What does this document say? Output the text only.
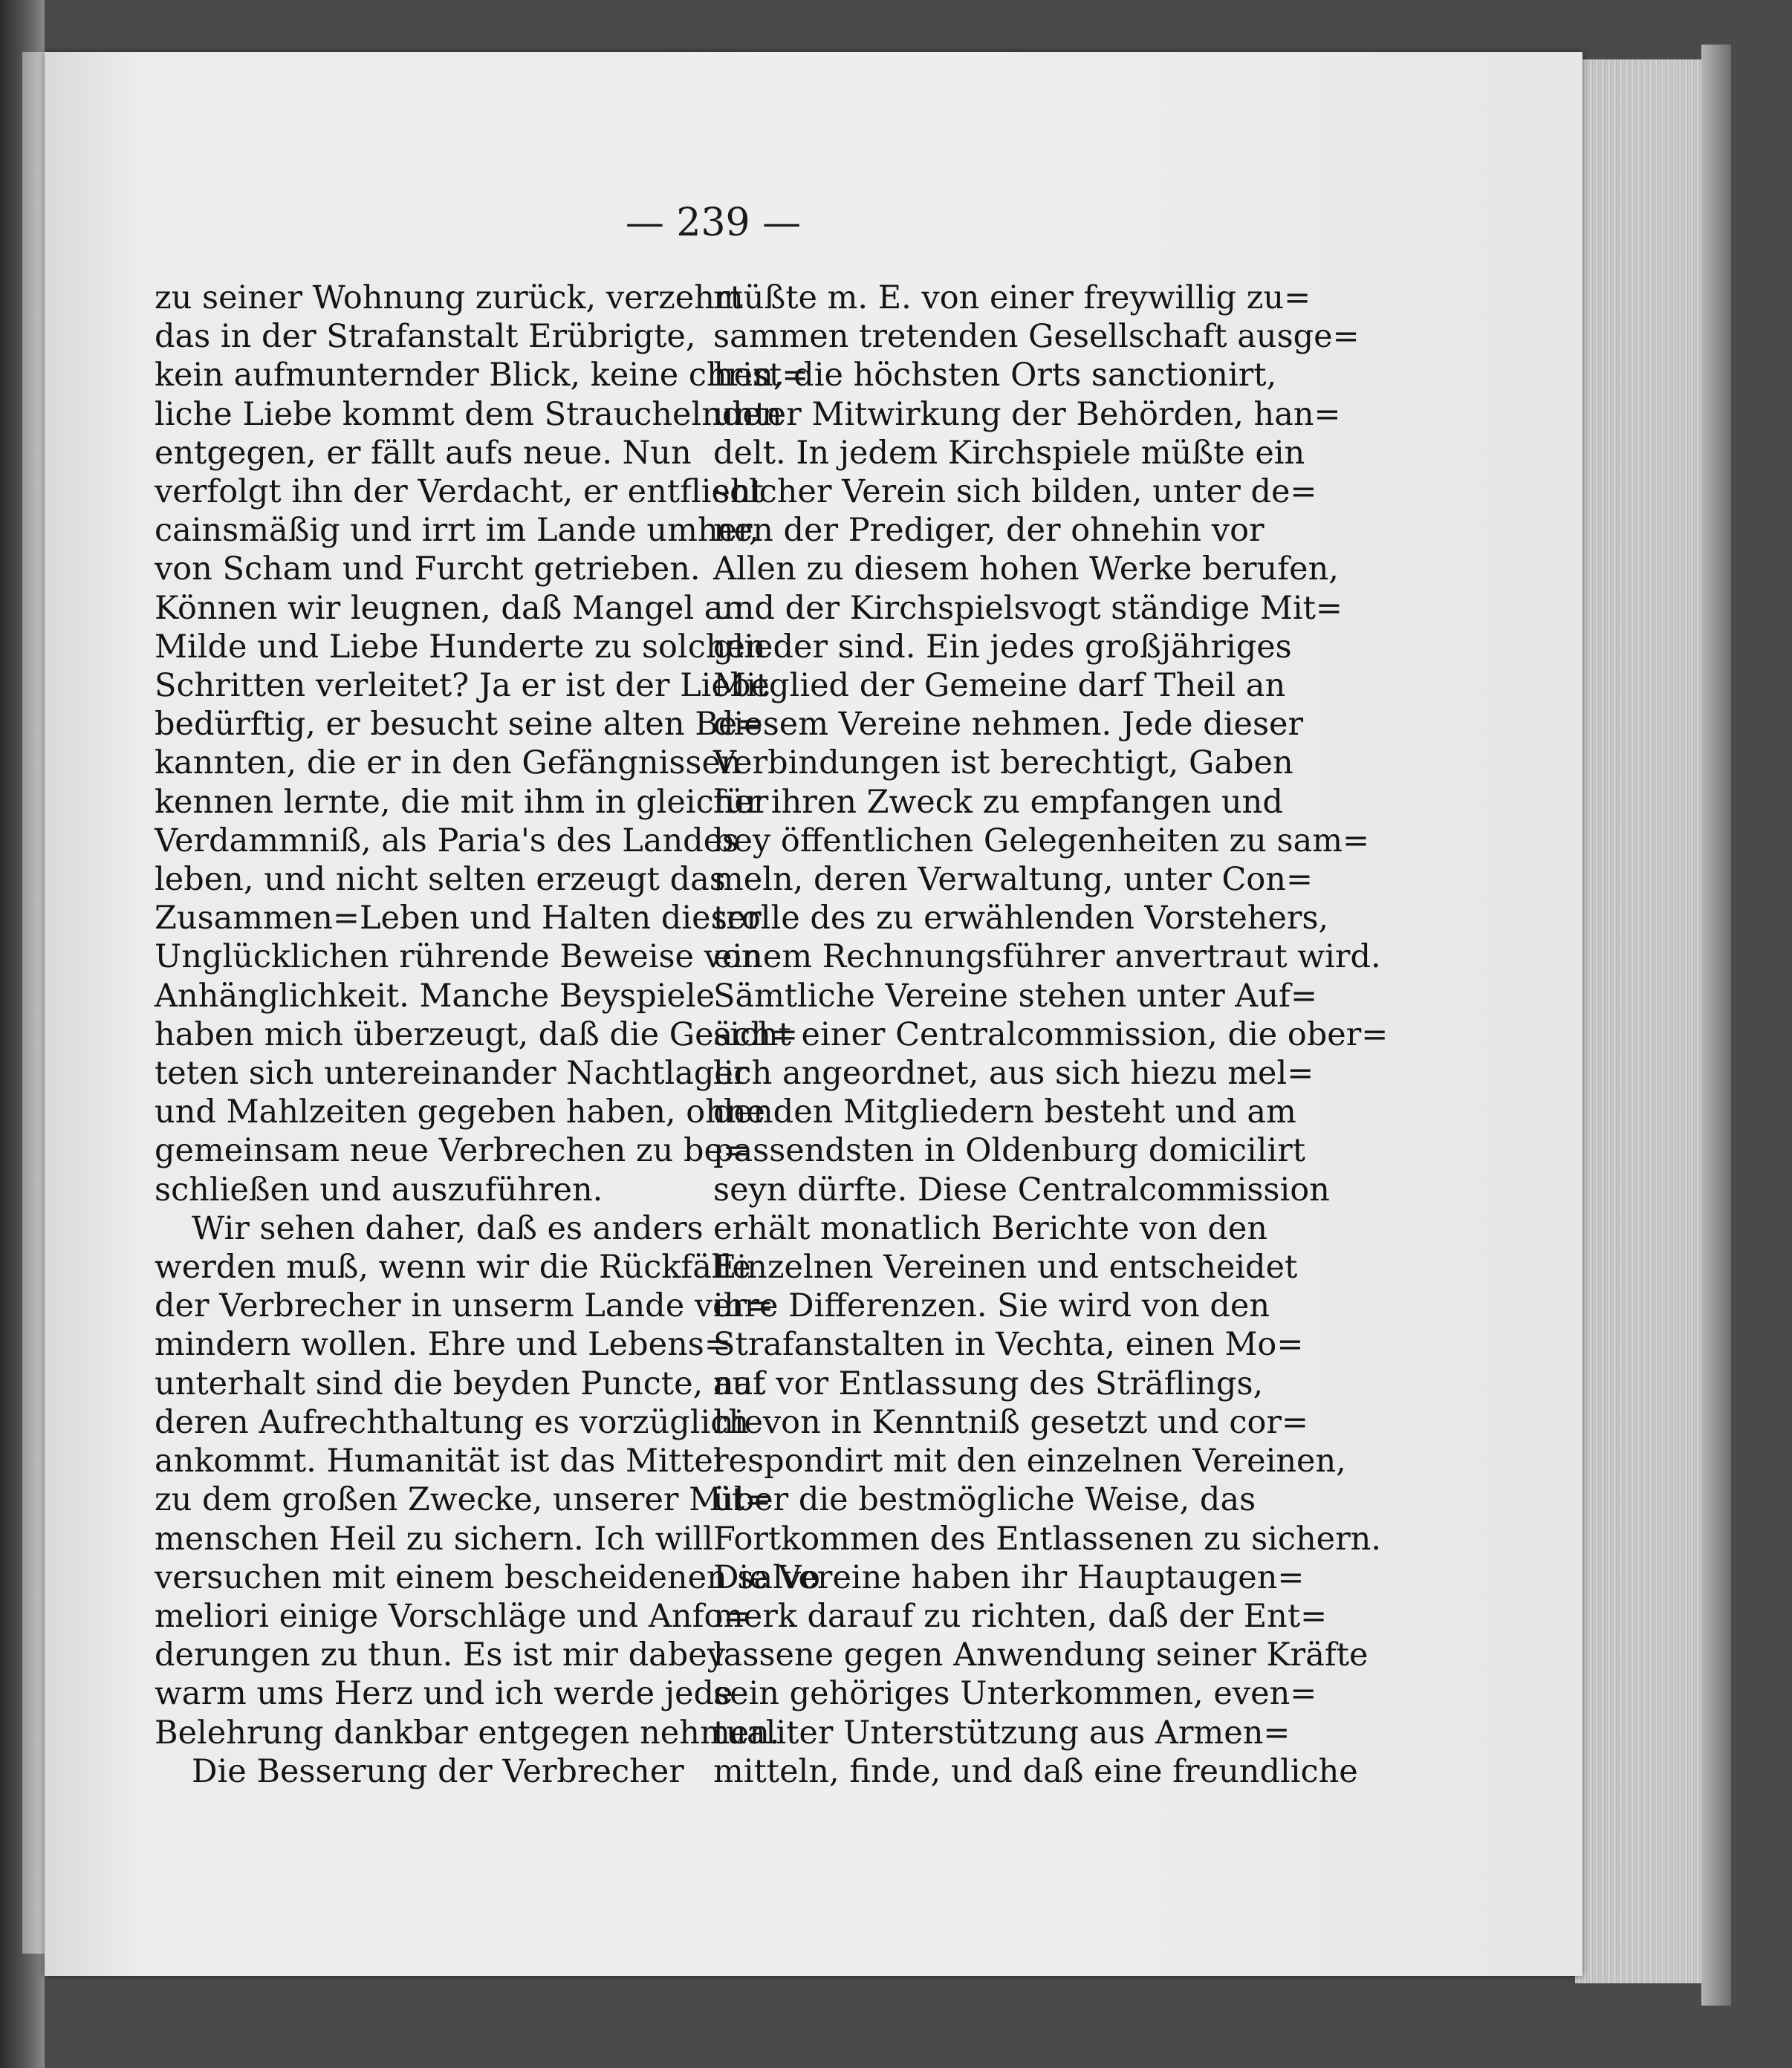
— 239 —
zu seiner Wohnung zurück, verzehrt
das in der Strafanstalt Erübrigte,
kein aufmunternder Blick, keine christ=
liche Liebe kommt dem Strauchelnden
entgegen, er fällt aufs neue. Nun
verfolgt ihn der Verdacht, er entflieht
cainsmäßig und irrt im Lande umher,
von Scham und Furcht getrieben.
Können wir leugnen, daß Mangel an
Milde und Liebe Hunderte zu solchen
Schritten verleitet? Ja er ist der Liebe
bedürftig, er besucht seine alten Be=
kannten, die er in den Gefängnissen
kennen lernte, die mit ihm in gleicher
Verdammniß, als Paria's des Landes
leben, und nicht selten erzeugt das
Zusammen=Leben und Halten dieser
Unglücklichen rührende Beweise von
Anhänglichkeit. Manche Beyspiele
haben mich überzeugt, daß die Geäch=
teten sich untereinander Nachtlager
und Mahlzeiten gegeben haben, ohne
gemeinsam neue Verbrechen zu be=
schließen und auszuführen.
Wir sehen daher, daß es anders
werden muß, wenn wir die Rückfälle
der Verbrecher in unserm Lande ver=
mindern wollen. Ehre und Lebens=
unterhalt sind die beyden Puncte, auf
deren Aufrechthaltung es vorzüglich
ankommt. Humanität ist das Mittel
zu dem großen Zwecke, unserer Mit=
menschen Heil zu sichern. Ich will
versuchen mit einem bescheidenen salvo
meliori einige Vorschläge und Anfo=
derungen zu thun. Es ist mir dabey
warm ums Herz und ich werde jede
Belehrung dankbar entgegen nehmen.
Die Besserung der Verbrecher
müßte m. E. von einer freywillig zu=
sammen tretenden Gesellschaft ausge=
hen, die höchsten Orts sanctionirt,
unter Mitwirkung der Behörden, han=
delt. In jedem Kirchspiele müßte ein
solcher Verein sich bilden, unter de=
nen der Prediger, der ohnehin vor
Allen zu diesem hohen Werke berufen,
und der Kirchspielsvogt ständige Mit=
glieder sind. Ein jedes großjähriges
Mitglied der Gemeine darf Theil an
diesem Vereine nehmen. Jede dieser
Verbindungen ist berechtigt, Gaben
für ihren Zweck zu empfangen und
bey öffentlichen Gelegenheiten zu sam=
meln, deren Verwaltung, unter Con=
trolle des zu erwählenden Vorstehers,
einem Rechnungsführer anvertraut wird.
Sämtliche Vereine stehen unter Auf=
sicht einer Centralcommission, die ober=
lich angeordnet, aus sich hiezu mel=
denden Mitgliedern besteht und am
passendsten in Oldenburg domicilirt
seyn dürfte. Diese Centralcommission
erhält monatlich Berichte von den
Einzelnen Vereinen und entscheidet
ihre Differenzen. Sie wird von den
Strafanstalten in Vechta, einen Mo=
nat vor Entlassung des Sträflings,
hievon in Kenntniß gesetzt und cor=
respondirt mit den einzelnen Vereinen,
über die bestmögliche Weise, das
Fortkommen des Entlassenen zu sichern.
Die Vereine haben ihr Hauptaugen=
merk darauf zu richten, daß der Ent=
lassene gegen Anwendung seiner Kräfte
sein gehöriges Unterkommen, even=
tualiter Unterstützung aus Armen=
mitteln, finde, und daß eine freundliche
